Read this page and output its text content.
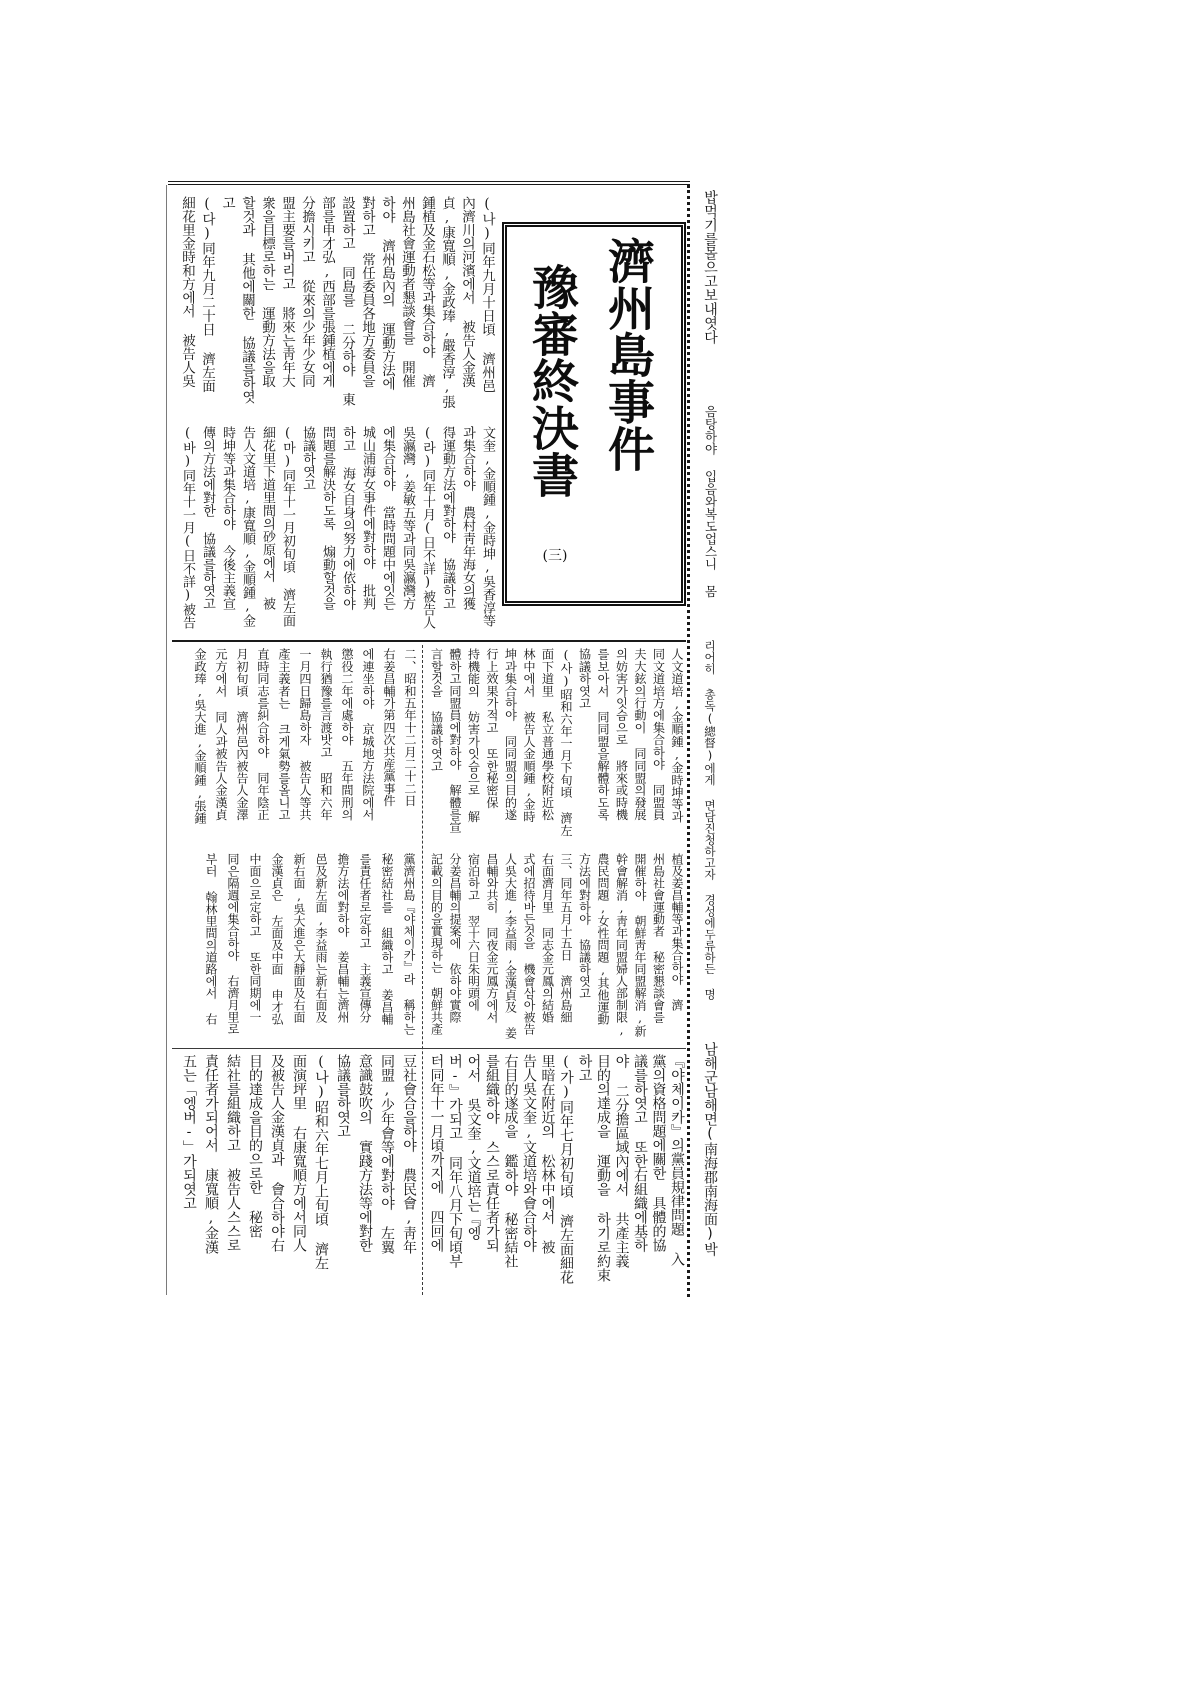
밥먹기를몰으고보내엿다
음탕하야 입음와복도업스니 몸
리어히 총독(總督)에게 면담진청하고자 경성에두류하든 명
남해군남해면(南海郡南海面)박
濟州島事件
豫審終決書
(三)
(나)同年九月十日頃 濟州邑
內濟川의河濱에서 被告人金漢
貞,康寬順,金政琫,嚴香淳,張
鍾植及金石松等과集合하야 濟
州島社會運動者懇談會를 開催
하야 濟州島內의 運動方法에
對하고 常任委員各地方委員을
設置하고 同島를 二分하야 東
部를申才弘,西部를張鍾植에게
分擔시키고 從來의少年少女同
盟主要를버리고 將來는靑年大
衆을目標로하는 運動方法을取
할것과 其他에關한 協議를하엿
고
(다)同年九月二十日 濟左面
細花里金時和方에서 被告人吳
文奎,金順鍾,金時坤,吳香淳等
과集合하야 農村靑年海女의獲
得運動方法에對하야 協議하고
(라)同年十月(日不詳)被告人
吳瀛灣,姜敏五等과同吳瀛灣方
에集合하야 當時問題中에잇든
城山浦海女事件에對하야 批判
하고 海女自身의努力에依하야
問題를解決하도록 煽動할것을
協議하엿고
(마)同年十一月初旬頃 濟左面
細花里下道里間의砂原에서 被
告人文道培,康寬順,金順鍾,金
時坤等과集合하야 今後主義宣
傳의方法에對한 協議를하엿고
(바)同年十一月(日不詳)被告
人文道培,金順鍾,金時坤等과
同文道培方에集合하야 同盟員
夫大鉉의行動이 同同盟의發展
의妨害가잇슴으로 將來或時機
를보아서 同同盟을解體하도록
協議하엿고
(사)昭和六年一月下旬頃 濟左
面下道里 私立普通學校附近松
林中에서 被告人金順鍾,金時
坤과集合하야 同同盟의目的遂
行上效果가적고 또한秘密保
持機能의 妨害가잇슴으로 解
體하고同盟員에對하야 解體를宣
言할것을 協議하엿고
二、昭和五年十二月二十二日
右姜昌輔가第四次共産黨事件
에連坐하야 京城地方法院에서
懲役二年에處하야 五年間刑의
執行猶豫를言渡밧고 昭和六年
一月四日歸島하자 被告人等共
產主義者는 크게氣勢를올니고
直時同志를糾合하야 同年陰正
月初旬頃 濟州邑內被告人金澤
元方에서 同人과被告人金漢貞
金政琫,吳大進,金順鍾,張鍾
植及姜昌輔等과集合하야 濟
州島社會運動者 秘密懇談會를
開催하야 朝鮮靑年同盟解消,新
幹會解消,靑年同盟婦人部制限,
農民問題,女性問題,其他運動
方法에對하야 協議하엿고
三、同年五月十五日 濟州島細
右面濟月里 同志金元鳳의結婚
式에招待바든것을 機會삼아被告
人吳大進,李益雨,金漢貞及 姜
昌輔와共히 同夜金元鳳方에서
宿泊하고 翌十六日朱明頭에
分姜昌輔의提案에 依하야實際
記載의目的을實現하는 朝鮮共產
黨濟州島『야체이카』라 稱하는
秘密結社를 組織하고 姜昌輔
를責任者로定하고 主義宣傳分
擔方法에對하야 姜昌輔는濟州
邑及新左面,李益雨는新右面及
新右面,吳大進은大靜面及右面
金漢貞은 左面及中面 申才弘
中面으로定하고 또한同期에一
同은隔週에集合하야 右濟月里로
부터 翰林里間의道路에서 右
『야체이카』의黨員規律問題 入
黨의資格問題에關한 具體的協
議를하엿고 또한右組織에基하
야 二分擔區域內에서 共產主義
目的의達成을 運動을 하기로約束
하고
(가)同年七月初旬頃 濟左面細花
里暗在附近의 松林中에서 被
告人吳文奎,文道培와會合하야
右目的遂成을 鑑하야 秘密結社
를組織하야 스스로責任者가되
어서 吳文奎,文道培는『엥
버-』가되고 同年八月下旬頃부
터同年十一月頃까지에 四回에
豆社會合을하야 農民會,靑年
同盟,少年會等에對하야 左翼
意識鼓吹의 實踐方法等에對한
協議를하엿고
(나)昭和六年七月上旬頃 濟左
面演坪里 右康寬順方에서同人
及被告人金漢貞과 會合하야右
目的達成을目的으로한 秘密
結社를組織하고 被告人스스로
責任者가되어서 康寬順,金漢
五는「엥버-」가되엿고
